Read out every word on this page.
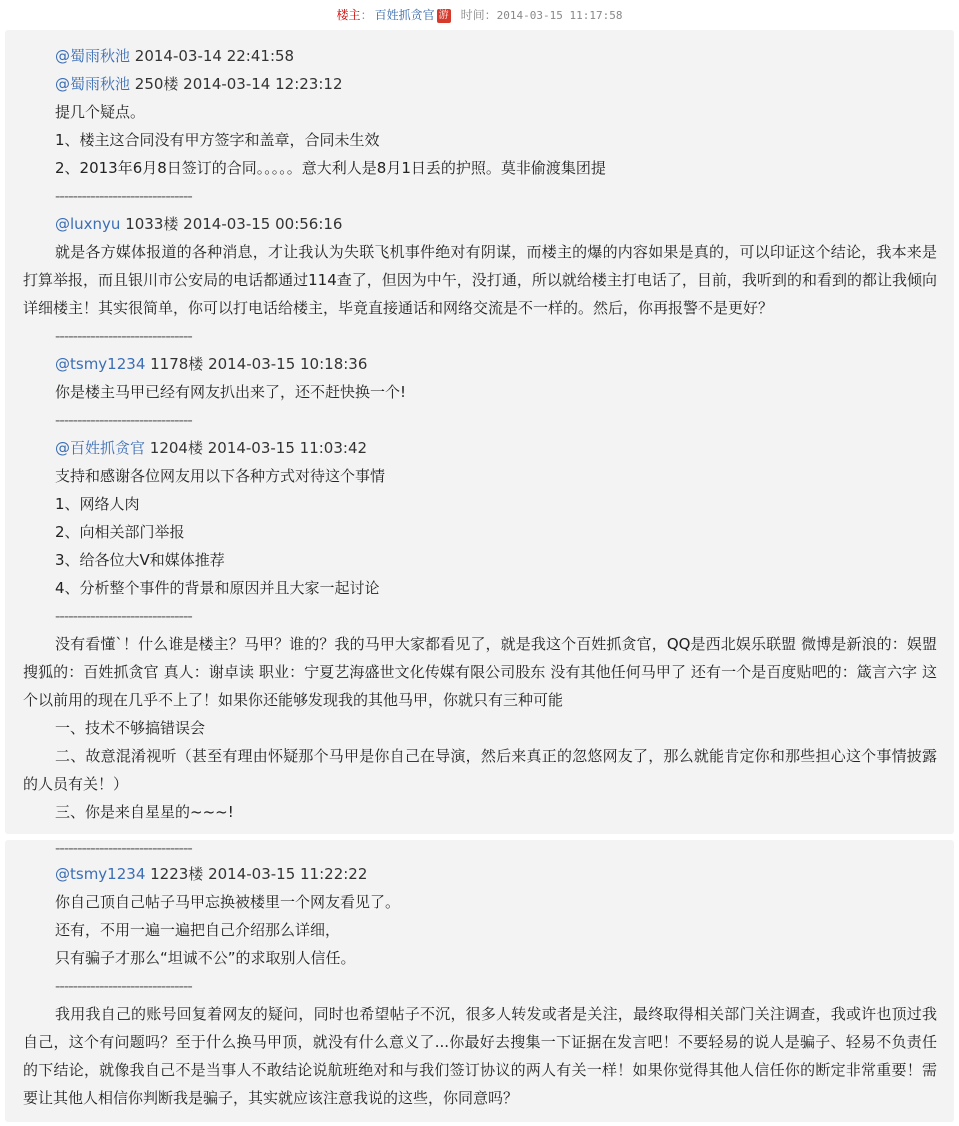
楼主： 百姓抓贪官 游 时间：2014-03-15 11:17:58
@蜀雨秋池 2014-03-14 22:41:58
@蜀雨秋池 250楼 2014-03-14 12:23:12
提几个疑点。
1、楼主这合同没有甲方签字和盖章，合同未生效
2、2013年6月8日签订的合同。。。。。意大利人是8月1日丢的护照。莫非偷渡集团提
-------------------------------
@luxnyu 1033楼 2014-03-15 00:56:16
就是各方媒体报道的各种消息，才让我认为失联飞机事件绝对有阴谋，而楼主的爆的内容如果是真的，可以印证这个结论，我本来是打算举报，而且银川市公安局的电话都通过114查了，但因为中午，没打通，所以就给楼主打电话了，目前，我听到的和看到的都让我倾向详细楼主！其实很简单，你可以打电话给楼主，毕竟直接通话和网络交流是不一样的。然后，你再报警不是更好？
-------------------------------
@tsmy1234 1178楼 2014-03-15 10:18:36
你是楼主马甲已经有网友扒出来了，还不赶快换一个!
-------------------------------
@百姓抓贪官 1204楼 2014-03-15 11:03:42
支持和感谢各位网友用以下各种方式对待这个事情
1、网络人肉
2、向相关部门举报
3、给各位大V和媒体推荐
4、分析整个事件的背景和原因并且大家一起讨论
-------------------------------
没有看懂`！什么谁是楼主？马甲？谁的？我的马甲大家都看见了，就是我这个百姓抓贪官，QQ是西北娱乐联盟 微博是新浪的：娱盟 搜狐的：百姓抓贪官 真人：谢卓读 职业：宁夏艺海盛世文化传媒有限公司股东 没有其他任何马甲了 还有一个是百度贴吧的：箴言六字 这个以前用的现在几乎不上了！如果你还能够发现我的其他马甲，你就只有三种可能
一、技术不够搞错误会
二、故意混淆视听（甚至有理由怀疑那个马甲是你自己在导演，然后来真正的忽悠网友了，那么就能肯定你和那些担心这个事情披露的人员有关！）
三、你是来自星星的~~~!
-------------------------------
@tsmy1234 1223楼 2014-03-15 11:22:22
你自己顶自己帖子马甲忘换被楼里一个网友看见了。
还有，不用一遍一遍把自己介绍那么详细，
只有骗子才那么“坦诚不公”的求取别人信任。
-------------------------------
我用我自己的账号回复着网友的疑问，同时也希望帖子不沉，很多人转发或者是关注，最终取得相关部门关注调查，我或许也顶过我自己，这个有问题吗？至于什么换马甲顶，就没有什么意义了...你最好去搜集一下证据在发言吧！不要轻易的说人是骗子、轻易不负责任的下结论，就像我自己不是当事人不敢结论说航班绝对和与我们签订协议的两人有关一样！如果你觉得其他人信任你的断定非常重要！需要让其他人相信你判断我是骗子，其实就应该注意我说的这些，你同意吗？
